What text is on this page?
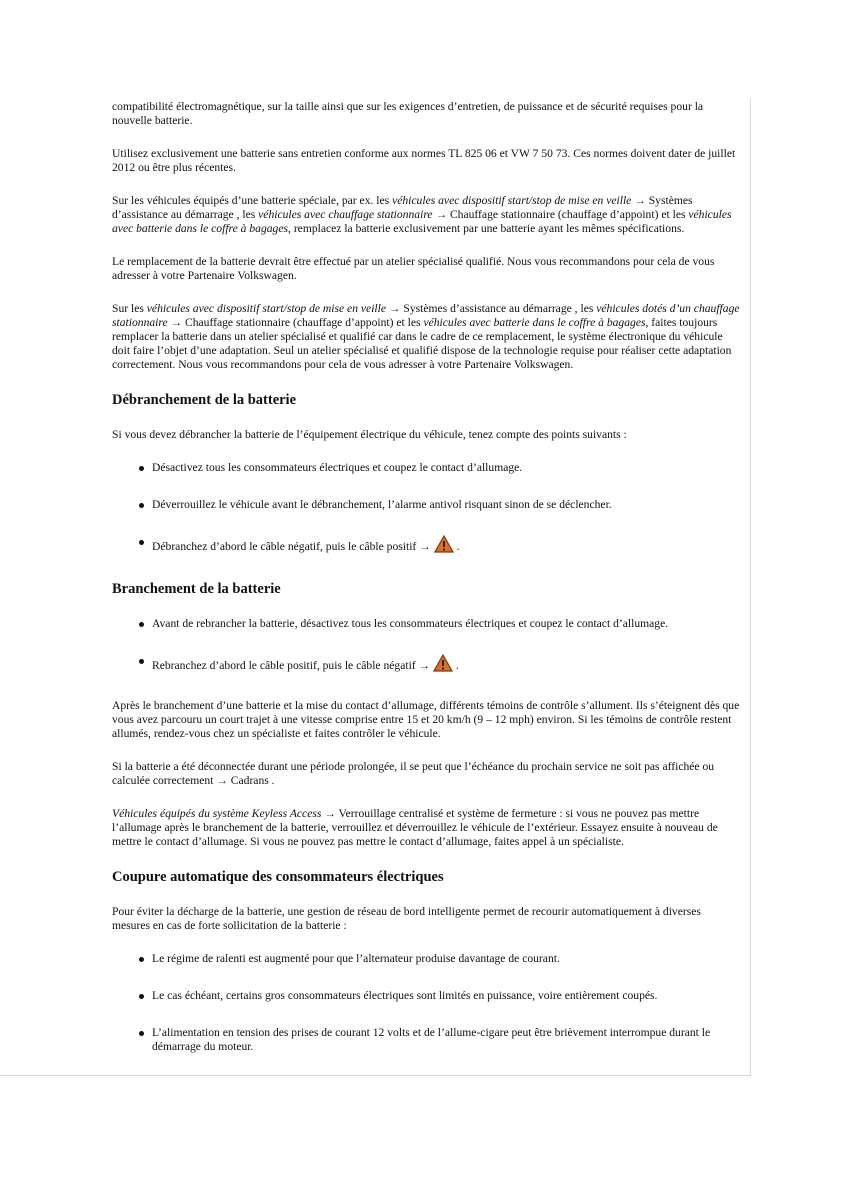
compatibilité électromagnétique, sur la taille ainsi que sur les exigences d’entretien, de puissance et de sécurité requises pour la nouvelle batterie.

Utilisez exclusivement une batterie sans entretien conforme aux normes TL 825 06 et VW 7 50 73. Ces normes doivent dater de juillet 2012 ou être plus récentes.

Sur les véhicules équipés d’une batterie spéciale, par ex. les véhicules avec dispositif start/stop de mise en veille → Systèmes d’assistance au démarrage , les véhicules avec chauffage stationnaire → Chauffage stationnaire (chauffage d’appoint) et les véhicules avec batterie dans le coffre à bagages, remplacez la batterie exclusivement par une batterie ayant les mêmes spécifications.

Le remplacement de la batterie devrait être effectué par un atelier spécialisé qualifié. Nous vous recommandons pour cela de vous adresser à votre Partenaire Volkswagen.

Sur les véhicules avec dispositif start/stop de mise en veille → Systèmes d’assistance au démarrage , les véhicules dotés d’un chauffage stationnaire → Chauffage stationnaire (chauffage d’appoint) et les véhicules avec batterie dans le coffre à bagages, faites toujours remplacer la batterie dans un atelier spécialisé et qualifié car dans le cadre de ce remplacement, le système électronique du véhicule doit faire l’objet d’une adaptation. Seul un atelier spécialisé et qualifié dispose de la technologie requise pour réaliser cette adaptation correctement. Nous vous recommandons pour cela de vous adresser à votre Partenaire Volkswagen.

Débranchement de la batterie

Si vous devez débrancher la batterie de l’équipement électrique du véhicule, tenez compte des points suivants :

Désactivez tous les consommateurs électriques et coupez le contact d’allumage.
Déverrouillez le véhicule avant le débranchement, l’alarme antivol risquant sinon de se déclencher.
Débranchez d’abord le câble négatif, puis le câble positif →  .
Branchement de la batterie
Avant de rebrancher la batterie, désactivez tous les consommateurs électriques et coupez le contact d’allumage.
Rebranchez d’abord le câble positif, puis le câble négatif →  .

Après le branchement d’une batterie et la mise du contact d’allumage, différents témoins de contrôle s’allument. Ils s’éteignent dès que vous avez parcouru un court trajet à une vitesse comprise entre 15 et 20 km/h (9 – 12 mph) environ. Si les témoins de contrôle restent allumés, rendez-vous chez un spécialiste et faites contrôler le véhicule.

Si la batterie a été déconnectée durant une période prolongée, il se peut que l’échéance du prochain service ne soit pas affichée ou calculée correctement → Cadrans .

Véhicules équipés du système Keyless Access → Verrouillage centralisé et système de fermeture : si vous ne pouvez pas mettre l’allumage après le branchement de la batterie, verrouillez et déverrouillez le véhicule de l’extérieur. Essayez ensuite à nouveau de mettre le contact d’allumage. Si vous ne pouvez pas mettre le contact d’allumage, faites appel à un spécialiste.

Coupure automatique des consommateurs électriques

Pour éviter la décharge de la batterie, une gestion de réseau de bord intelligente permet de recourir automatiquement à diverses mesures en cas de forte sollicitation de la batterie :

Le régime de ralenti est augmenté pour que l’alternateur produise davantage de courant.
Le cas échéant, certains gros consommateurs électriques sont limités en puissance, voire entièrement coupés.
L’alimentation en tension des prises de courant 12 volts et de l’allume-cigare peut être brièvement interrompue durant le démarrage du moteur.
